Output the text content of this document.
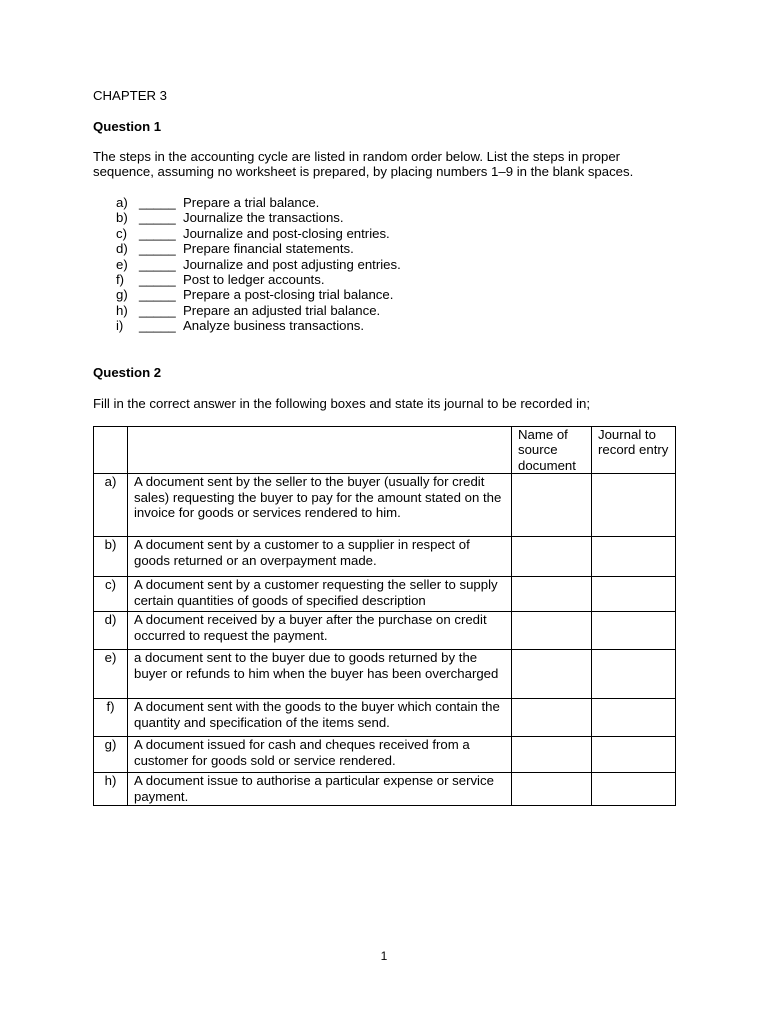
CHAPTER 3
Question 1
The steps in the accounting cycle are listed in random order below. List the steps in proper
sequence, assuming no worksheet is prepared, by placing numbers 1–9 in the blank spaces.
a) _____ Prepare a trial balance.
b) _____ Journalize the transactions.
c) _____ Journalize and post-closing entries.
d) _____ Prepare financial statements.
e) _____ Journalize and post adjusting entries.
f)	_____ Post to ledger accounts.
g) _____ Prepare a post-closing trial balance.
h) _____ Prepare an adjusted trial balance.
i)	_____ Analyze business transactions.
Question 2
Fill in the correct answer in the following boxes and state its journal to be recorded in;
		Name of source document	Journal to record entry
a)	A document sent by the seller to the buyer (usually for credit sales) requesting the buyer to pay for the amount stated on the invoice for goods or services rendered to him.		
b)	A document sent by a customer to a supplier in respect of goods returned or an overpayment made.		
c)	A document sent by a customer requesting the seller to supply certain quantities of goods of specified description		
d)	A document received by a buyer after the purchase on credit occurred to request the payment.		
e)	a document sent to the buyer due to goods returned by the buyer or refunds to him when the buyer has been overcharged		
f)	A document sent with the goods to the buyer which contain the quantity and specification of the items send.		
g)	A document issued for cash and cheques received from a customer for goods sold or service rendered.		
h)	A document issue to authorise a particular expense or service payment.		
1
